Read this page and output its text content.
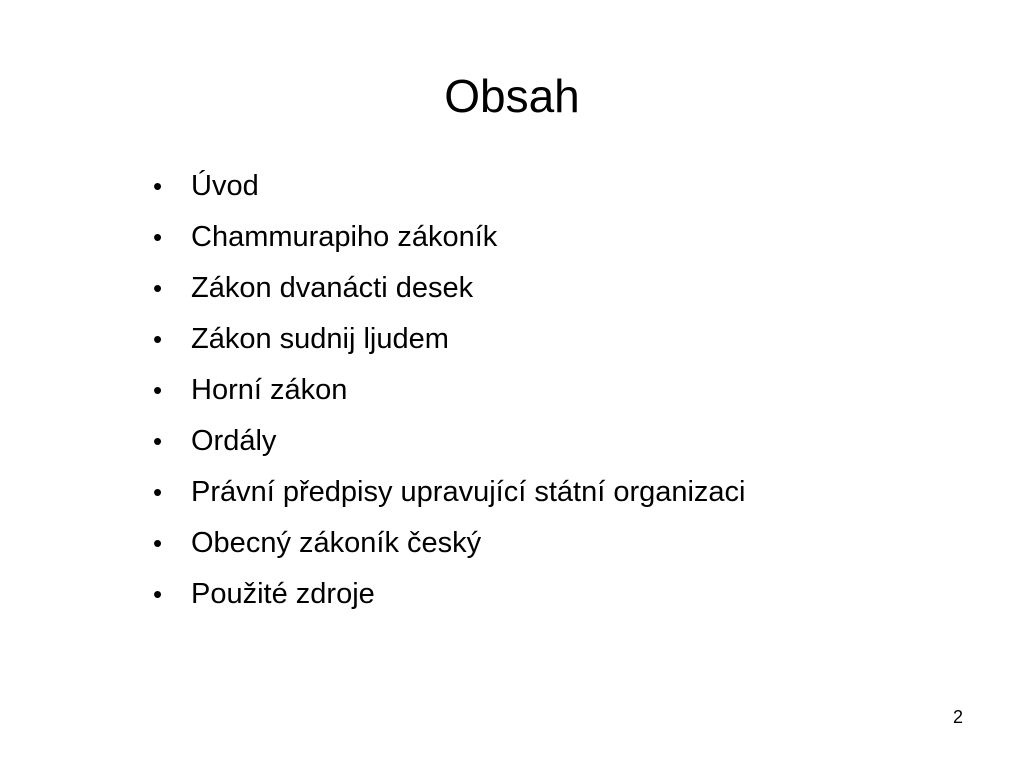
Obsah
• Úvod
• Chammurapiho zákoník
• Zákon dvanácti desek
• Zákon sudnij ljudem
• Horní zákon
• Ordály
• Právní předpisy upravující státní organizaci
• Obecný zákoník český
• Použité zdroje
2
